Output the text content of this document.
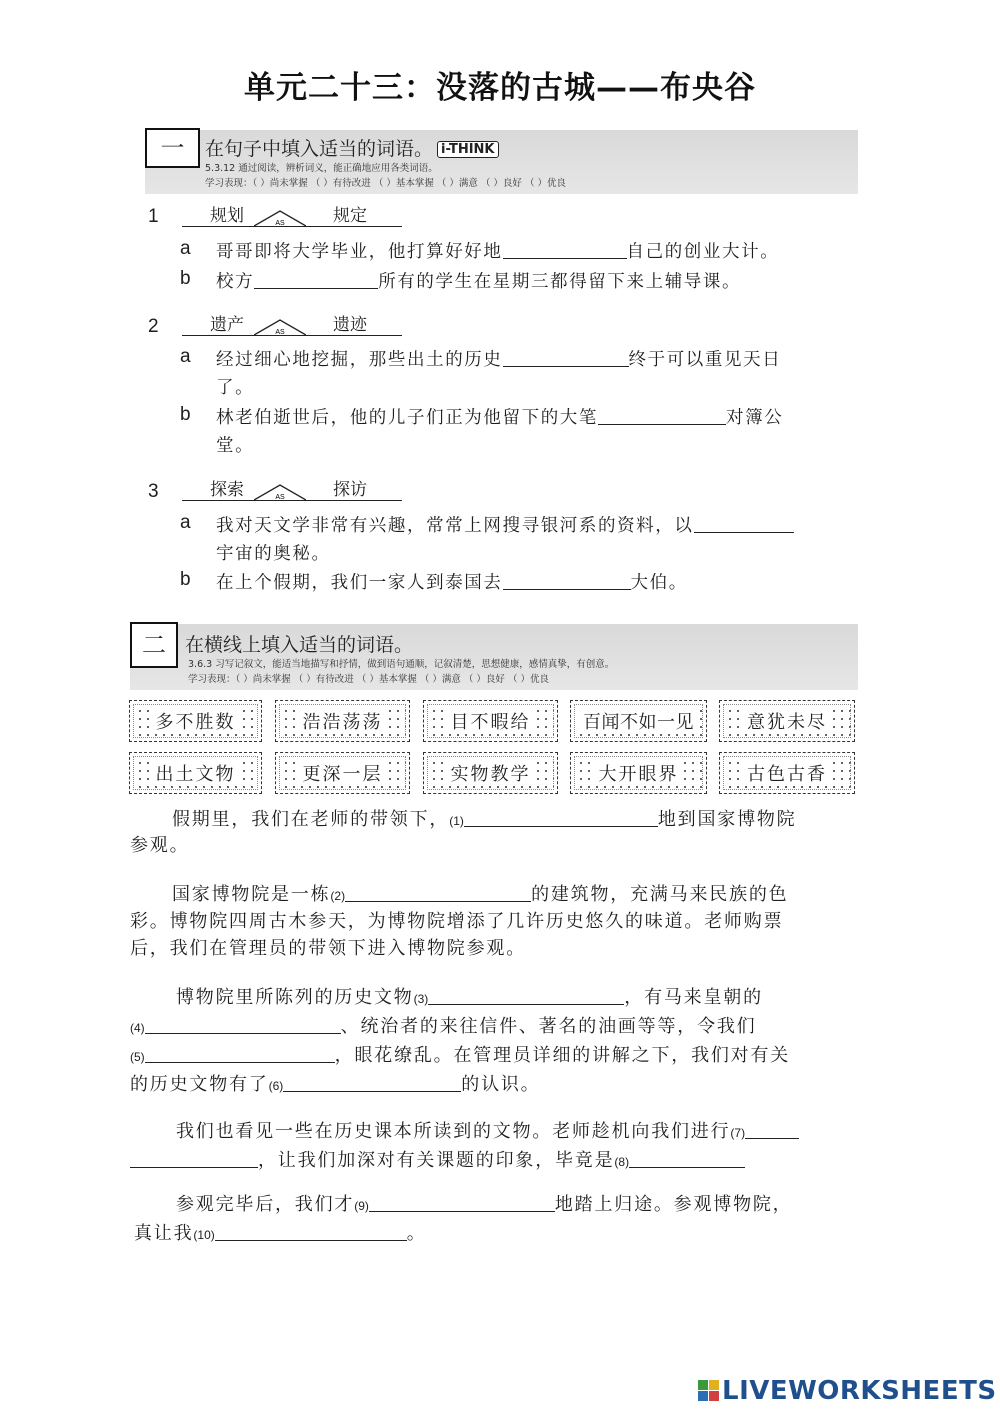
单元二十三：没落的古城——布央谷
一	在句子中填入适当的词语。 i-THINK
5.3.12 通过阅读，辨析词义，能正确地应用各类词语。
学习表现：（ ）尚未掌握 （ ）有待改进 （ ）基本掌握 （ ）满意 （ ）良好 （ ）优良
1	规划	规定
AS
a 哥哥即将大学毕业，他打算好好地	自己的创业大计。
b 校方	所有的学生在星期三都得留下来上辅导课。
2	遗产	遗迹
AS
a 经过细心地挖掘，那些出土的历史	终于可以重见天日
了。
b 林老伯逝世后，他的儿子们正为他留下的大笔	对簿公
堂。
3	探索	探访
AS
a 我对天文学非常有兴趣，常常上网搜寻银河系的资料，以
宇宙的奥秘。
b 在上个假期，我们一家人到泰国去	大伯。
二	在横线上填入适当的词语。
3.6.3 习写记叙文，能适当地描写和抒情，做到语句通顺，记叙清楚，思想健康，感情真挚，有创意。
学习表现：（ ）尚未掌握 （ ）有待改进 （ ）基本掌握 （ ）满意 （ ）良好 （ ）优良
多不胜数	浩浩荡荡	目不暇给	百闻不如一见	意犹未尽
出土文物	更深一层	实物教学	大开眼界	古色古香
假期里，我们在老师的带领下，(1)	地到国家博物院
参观。
国家博物院是一栋(2)	的建筑物，充满马来民族的色
彩。博物院四周古木参天，为博物院增添了几许历史悠久的味道。老师购票
后，我们在管理员的带领下进入博物院参观。
博物院里所陈列的历史文物(3)	，有马来皇朝的
(4)	、统治者的来往信件、著名的油画等等，令我们
(5)	，眼花缭乱。在管理员详细的讲解之下，我们对有关
的历史文物有了(6)	的认识。
我们也看见一些在历史课本所读到的文物。老师趁机向我们进行(7)
，让我们加深对有关课题的印象，毕竟是(8)
参观完毕后，我们才(9)	地踏上归途。参观博物院，
真让我(10)	。
LIVEWORKSHEETS
